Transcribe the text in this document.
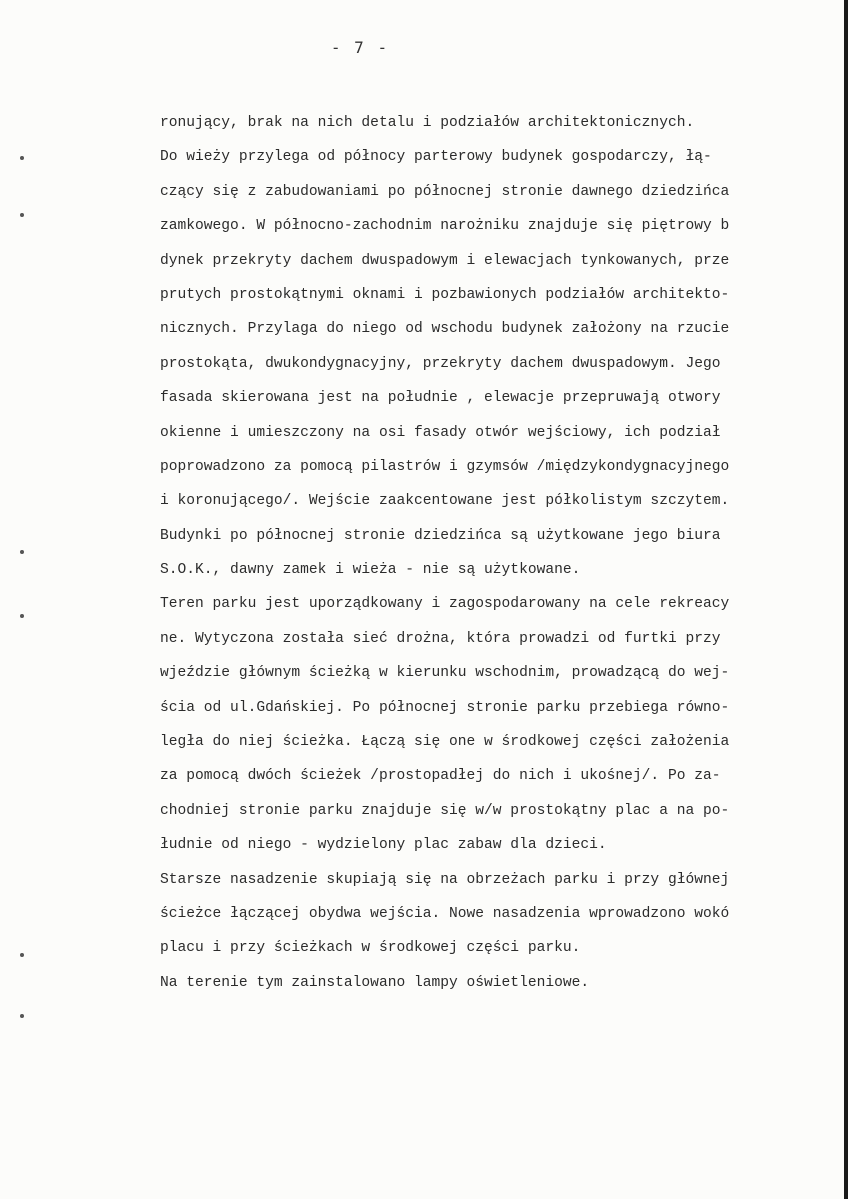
- 7 -
ronujący, brak na nich detalu i podziałów architektonicznych.
Do wieży przylega od północy parterowy budynek gospodarczy, łą-
czący się z zabudowaniami po północnej stronie dawnego dziedzińca
zamkowego. W północno-zachodnim narożniku znajduje się piętrowy b
dynek przekryty dachem dwuspadowym i elewacjach tynkowanych, prze
prutych prostokątnymi oknami i pozbawionych podziałów architekto-
nicznych. Przylaga do niego od wschodu budynek założony na rzucie
prostokąta, dwukondygnacyjny, przekryty dachem dwuspadowym. Jego
fasada skierowana jest na południe , elewacje przepruwają otwory
okienne i umieszczony na osi fasady otwór wejściowy, ich podział
poprowadzono za pomocą pilastrów i gzymsów /międzykondygnacyjnego
i koronującego/. Wejście zaakcentowane jest półkolistym szczytem.
Budynki po północnej stronie dziedzińca są użytkowane jego biura
S.O.K., dawny zamek i wieża - nie są użytkowane.
Teren parku jest uporządkowany i zagospodarowany na cele rekreacy
ne. Wytyczona została sieć drożna, która prowadzi od furtki przy
wjeździe głównym ścieżką w kierunku wschodnim, prowadzącą do wej-
ścia od ul.Gdańskiej. Po północnej stronie parku przebiega równo-
legła do niej ścieżka. Łączą się one w środkowej części założenia
za pomocą dwóch ścieżek /prostopadłej do nich i ukośnej/. Po za-
chodniej stronie parku znajduje się w/w prostokątny plac a na po-
łudnie od niego - wydzielony plac zabaw dla dzieci.
Starsze nasadzenie skupiają się na obrzeżach parku i przy głównej
ścieżce łączącej obydwa wejścia. Nowe nasadzenia wprowadzono wokó
placu i przy ścieżkach w środkowej części parku.
Na terenie tym zainstalowano lampy oświetleniowe.
